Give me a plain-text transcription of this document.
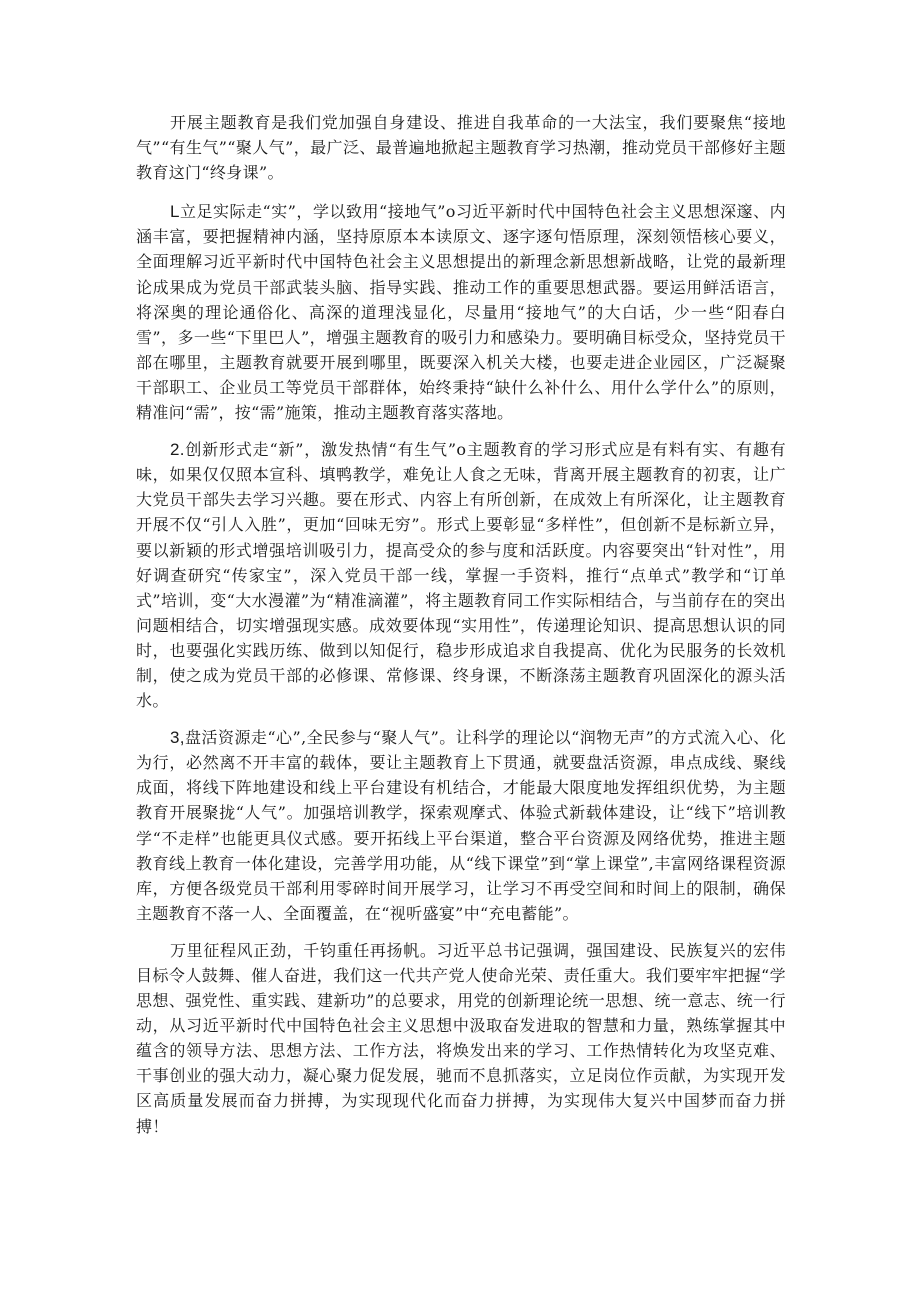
开展主题教育是我们党加强自身建设、推进自我革命的一大法宝，我们要聚焦“接地气”“有生气”“聚人气”，最广泛、最普遍地掀起主题教育学习热潮，推动党员干部修好主题教育这门“终身课”。

L立足实际走“实”，学以致用“接地气”o习近平新时代中国特色社会主义思想深邃、内涵丰富，要把握精神内涵，坚持原原本本读原文、逐字逐句悟原理，深刻领悟核心要义，全面理解习近平新时代中国特色社会主义思想提出的新理念新思想新战略，让党的最新理论成果成为党员干部武装头脑、指导实践、推动工作的重要思想武器。要运用鲜活语言，将深奥的理论通俗化、高深的道理浅显化，尽量用“接地气”的大白话，少一些“阳春白雪”，多一些“下里巴人”，增强主题教育的吸引力和感染力。要明确目标受众，坚持党员干部在哪里，主题教育就要开展到哪里，既要深入机关大楼，也要走进企业园区，广泛凝聚干部职工、企业员工等党员干部群体，始终秉持“缺什么补什么、用什么学什么”的原则，精准问“需”，按“需”施策，推动主题教育落实落地。

2.创新形式走“新”，激发热情“有生气”o主题教育的学习形式应是有料有实、有趣有味，如果仅仅照本宣科、填鸭教学，难免让人食之无味，背离开展主题教育的初衷，让广大党员干部失去学习兴趣。要在形式、内容上有所创新，在成效上有所深化，让主题教育开展不仅“引人入胜”，更加“回味无穷”。形式上要彰显“多样性”，但创新不是标新立异，要以新颖的形式增强培训吸引力，提高受众的参与度和活跃度。内容要突出“针对性”，用好调查研究“传家宝”，深入党员干部一线，掌握一手资料，推行“点单式”教学和“订单式”培训，变“大水漫灌”为“精准滴灌”，将主题教育同工作实际相结合，与当前存在的突出问题相结合，切实增强现实感。成效要体现“实用性”，传递理论知识、提高思想认识的同时，也要强化实践历练、做到以知促行，稳步形成追求自我提高、优化为民服务的长效机制，使之成为党员干部的必修课、常修课、终身课，不断涤荡主题教育巩固深化的源头活水。

3,盘活资源走“心”,全民参与“聚人气”。让科学的理论以“润物无声”的方式流入心、化为行，必然离不开丰富的载体，要让主题教育上下贯通，就要盘活资源，串点成线、聚线成面，将线下阵地建设和线上平台建设有机结合，才能最大限度地发挥组织优势，为主题教育开展聚拢“人气”。加强培训教学，探索观摩式、体验式新载体建设，让“线下”培训教学“不走样”也能更具仪式感。要开拓线上平台渠道，整合平台资源及网络优势，推进主题教育线上教育一体化建设，完善学用功能，从“线下课堂”到“掌上课堂”,丰富网络课程资源库，方便各级党员干部利用零碎时间开展学习，让学习不再受空间和时间上的限制，确保主题教育不落一人、全面覆盖，在“视听盛宴”中“充电蓄能”。

万里征程风正劲，千钧重任再扬帆。习近平总书记强调，强国建设、民族复兴的宏伟目标令人鼓舞、催人奋进，我们这一代共产党人使命光荣、责任重大。我们要牢牢把握“学思想、强党性、重实践、建新功”的总要求，用党的创新理论统一思想、统一意志、统一行动，从习近平新时代中国特色社会主义思想中汲取奋发进取的智慧和力量，熟练掌握其中蕴含的领导方法、思想方法、工作方法，将焕发出来的学习、工作热情转化为攻坚克难、干事创业的强大动力，凝心聚力促发展，驰而不息抓落实，立足岗位作贡献，为实现开发区高质量发展而奋力拼搏，为实现现代化而奋力拼搏，为实现伟大复兴中国梦而奋力拼搏！
